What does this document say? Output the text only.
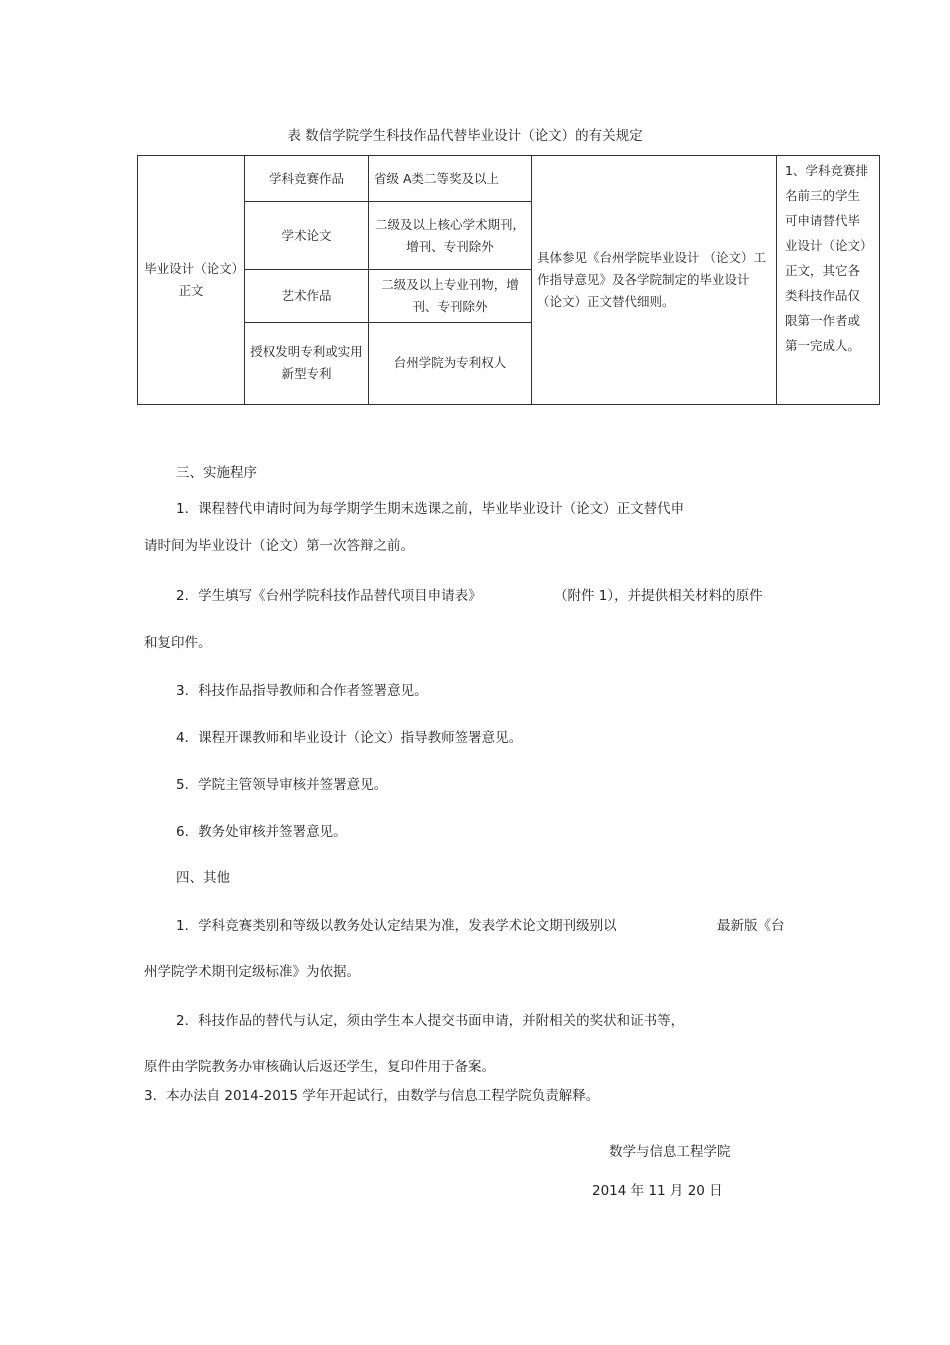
表 数信学院学生科技作品代替毕业设计（论文）的有关规定
毕业设计（论文）正文	学科竞赛作品	省级 A类二等奖及以上	具体参见《台州学院毕业设计 （论文）工作指导意见》及各学院制定的毕业设计（论文）正文替代细则。	1、学科竞赛排名前三的学生可申请替代毕业设计（论文）正文，其它各类科技作品仅限第一作者或第一完成人。
	学术论文	二级及以上核心学术期刊，增刊、专刊除外		
	艺术作品	二级及以上专业刊物，增刊、专刊除外		
	授权发明专利或实用新型专利	台州学院为专利权人		
三、实施程序
1．课程替代申请时间为每学期学生期末选课之前，毕业毕业设计（论文）正文替代申
请时间为毕业设计（论文）第一次答辩之前。
2．学生填写《台州学院科技作品替代项目申请表》	（附件 1），并提供相关材料的原件
和复印件。
3．科技作品指导教师和合作者签署意见。
4．课程开课教师和毕业设计（论文）指导教师签署意见。
5．学院主管领导审核并签署意见。
6．教务处审核并签署意见。
四、其他
1．学科竞赛类别和等级以教务处认定结果为准，发表学术论文期刊级别以	最新版《台
州学院学术期刊定级标准》为依据。
2．科技作品的替代与认定，须由学生本人提交书面申请，并附相关的奖状和证书等，
原件由学院教务办审核确认后返还学生，复印件用于备案。
3．本办法自 2014-2015 学年开起试行，由数学与信息工程学院负责解释。
数学与信息工程学院
2014 年 11 月 20 日
